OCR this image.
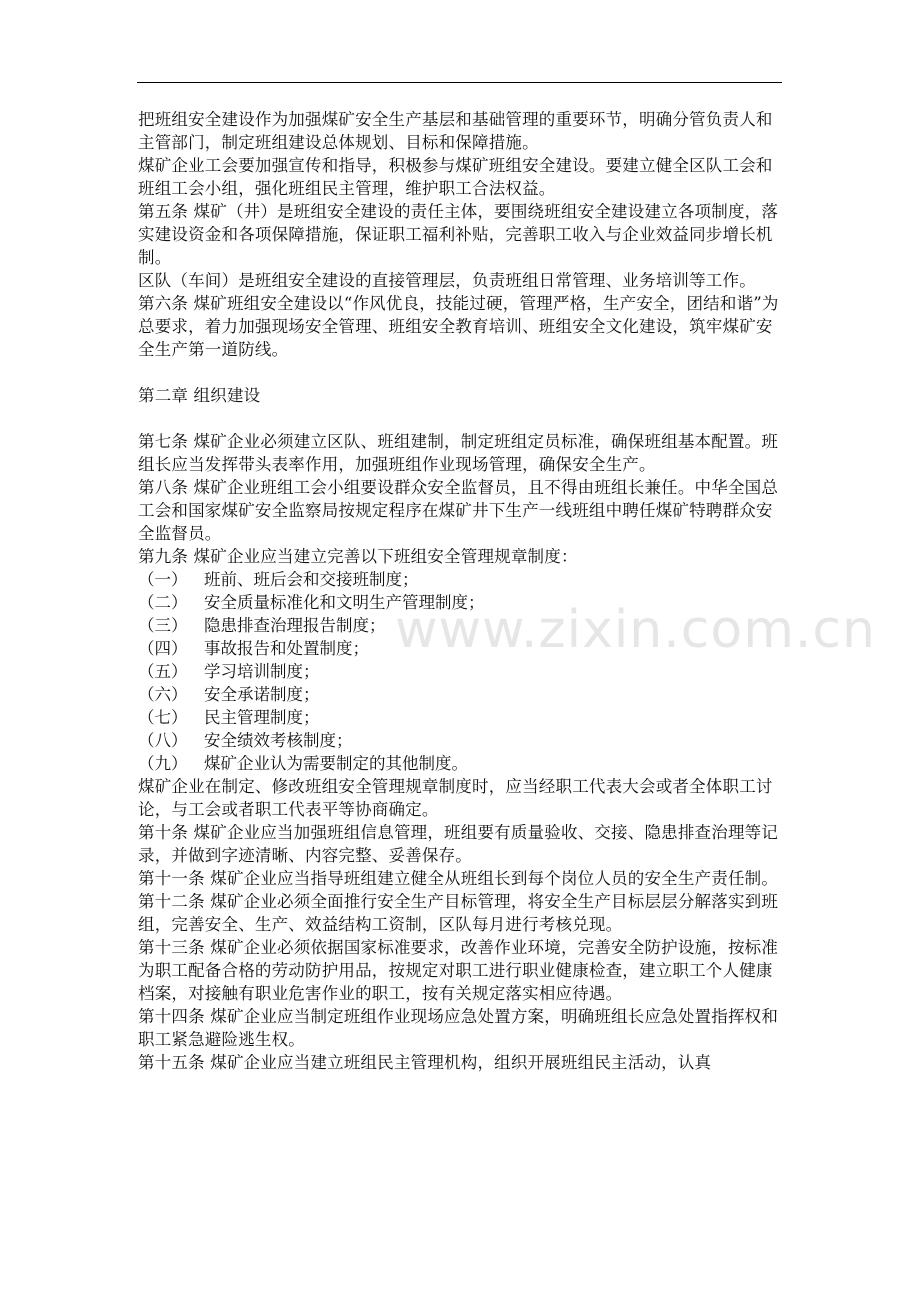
www.zixin.com.cn

把班组安全建设作为加强煤矿安全生产基层和基础管理的重要环节，明确分管负责人和主管部门，制定班组建设总体规划、目标和保障措施。

煤矿企业工会要加强宣传和指导，积极参与煤矿班组安全建设。要建立健全区队工会和班组工会小组，强化班组民主管理，维护职工合法权益。

第五条 煤矿（井）是班组安全建设的责任主体，要围绕班组安全建设建立各项制度，落实建设资金和各项保障措施，保证职工福利补贴，完善职工收入与企业效益同步增长机制。

区队（车间）是班组安全建设的直接管理层，负责班组日常管理、业务培训等工作。

第六条 煤矿班组安全建设以“作风优良，技能过硬，管理严格，生产安全，团结和谐”为总要求，着力加强现场安全管理、班组安全教育培训、班组安全文化建设，筑牢煤矿安全生产第一道防线。

第二章 组织建设

第七条 煤矿企业必须建立区队、班组建制，制定班组定员标准，确保班组基本配置。班组长应当发挥带头表率作用，加强班组作业现场管理，确保安全生产。

第八条 煤矿企业班组工会小组要设群众安全监督员，且不得由班组长兼任。中华全国总工会和国家煤矿安全监察局按规定程序在煤矿井下生产一线班组中聘任煤矿特聘群众安全监督员。

第九条 煤矿企业应当建立完善以下班组安全管理规章制度：

（一）	班前、班后会和交接班制度；
（二）	安全质量标准化和文明生产管理制度；
（三）	隐患排查治理报告制度；
（四）	事故报告和处置制度；
（五）	学习培训制度；
（六）	安全承诺制度；
（七）	民主管理制度；
（八）	安全绩效考核制度；
（九）	煤矿企业认为需要制定的其他制度。

煤矿企业在制定、修改班组安全管理规章制度时，应当经职工代表大会或者全体职工讨论，与工会或者职工代表平等协商确定。

第十条 煤矿企业应当加强班组信息管理，班组要有质量验收、交接、隐患排查治理等记录，并做到字迹清晰、内容完整、妥善保存。

第十一条 煤矿企业应当指导班组建立健全从班组长到每个岗位人员的安全生产责任制。

第十二条 煤矿企业必须全面推行安全生产目标管理，将安全生产目标层层分解落实到班组，完善安全、生产、效益结构工资制，区队每月进行考核兑现。

第十三条 煤矿企业必须依据国家标准要求，改善作业环境，完善安全防护设施，按标准为职工配备合格的劳动防护用品，按规定对职工进行职业健康检查，建立职工个人健康档案，对接触有职业危害作业的职工，按有关规定落实相应待遇。

第十四条 煤矿企业应当制定班组作业现场应急处置方案，明确班组长应急处置指挥权和职工紧急避险逃生权。

第十五条 煤矿企业应当建立班组民主管理机构，组织开展班组民主活动，认真
